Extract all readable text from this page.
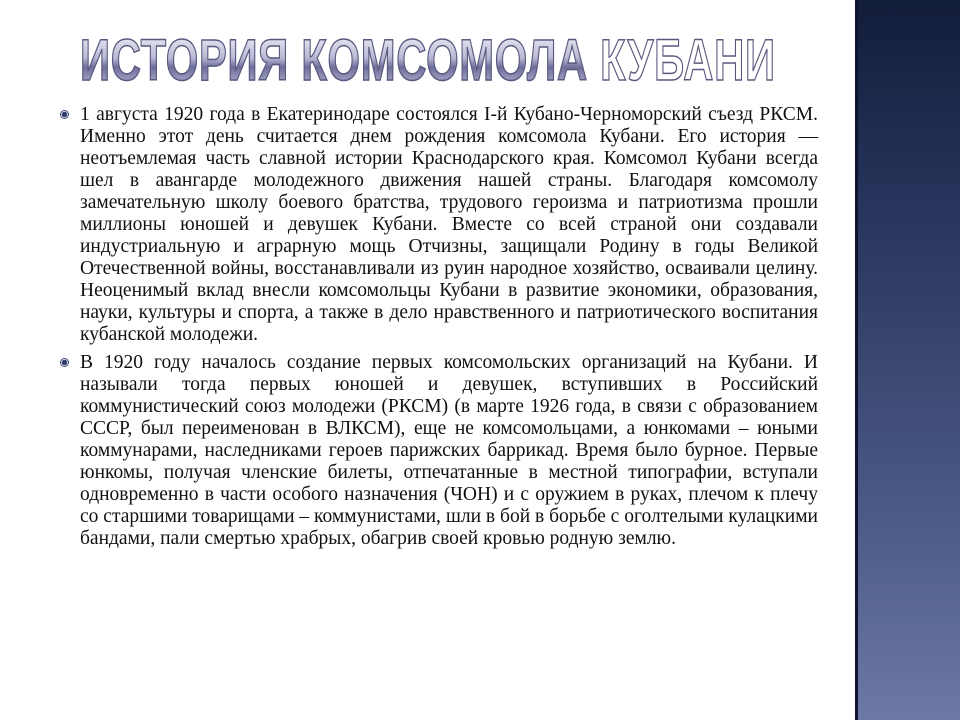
ИСТОРИЯ КОМСОМОЛА КУБАНИ
1 августа 1920 года в Екатеринодаре состоялся I-й Кубано-Черноморский съезд РКСМ. Именно этот день считается днем рождения комсомола Кубани. Его история — неотъемлемая часть славной истории Краснодарского края. Комсомол Кубани всегда шел в авангарде молодежного движения нашей страны. Благодаря комсомолу замечательную школу боевого братства, трудового героизма и патриотизма прошли миллионы юношей и девушек Кубани. Вместе со всей страной они создавали индустриальную и аграрную мощь Отчизны, защищали Родину в годы Великой Отечественной войны, восстанавливали из руин народное хозяйство, осваивали целину. Неоценимый вклад внесли комсомольцы Кубани в развитие экономики, образования, науки, культуры и спорта, а также в дело нравственного и патриотического воспитания кубанской молодежи.
В 1920 году началось создание первых комсомольских организаций на Кубани. И называли тогда первых юношей и девушек, вступивших в Российский коммунистический союз молодежи (РКСМ) (в марте 1926 года, в связи с образованием СССР, был переименован в ВЛКСМ), еще не комсомольцами, а юнкомами – юными коммунарами, наследниками героев парижских баррикад. Время было бурное. Первые юнкомы, получая членские билеты, отпечатанные в местной типографии, вступали одновременно в части особого назначения (ЧОН) и с оружием в руках, плечом к плечу со старшими товарищами – коммунистами, шли в бой в борьбе с оголтелыми кулацкими бандами, пали смертью храбрых, обагрив своей кровью родную землю.
